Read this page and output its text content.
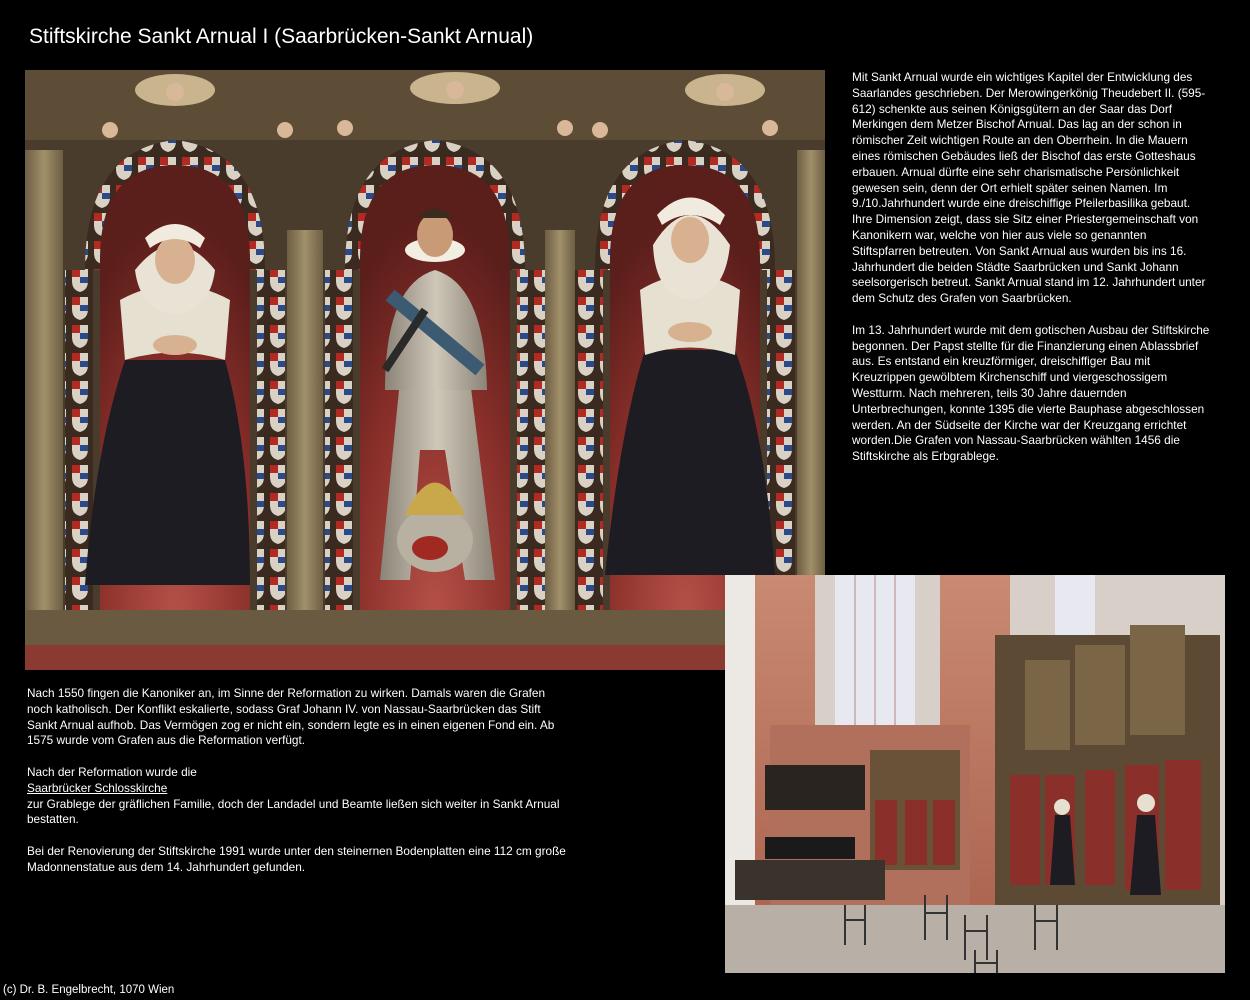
Stiftskirche Sankt Arnual I (Saarbrücken-Sankt Arnual)

Mit Sankt Arnual wurde ein wichtiges Kapitel der Entwicklung des Saarlandes geschrieben. Der Merowingerkönig Theudebert II. (595-612) schenkte aus seinen Königsgütern an der Saar das Dorf Merkingen dem Metzer Bischof Arnual. Das lag an der schon in römischer Zeit wichtigen Route an den Oberrhein. In die Mauern eines römischen Gebäudes ließ der Bischof das erste Gotteshaus erbauen. Arnual dürfte eine sehr charismatische Persönlichkeit gewesen sein, denn der Ort erhielt später seinen Namen. Im 9./10.Jahrhundert wurde eine dreischiffige Pfeilerbasilika gebaut. Ihre Dimension zeigt, dass sie Sitz einer Priestergemeinschaft von Kanonikern war, welche von hier aus viele so genannten Stiftspfarren betreuten. Von Sankt Arnual aus wurden bis ins 16. Jahrhundert die beiden Städte Saarbrücken und Sankt Johann seelsorgerisch betreut. Sankt Arnual stand im 12. Jahrhundert unter dem Schutz des Grafen von Saarbrücken.

Im 13. Jahrhundert wurde mit dem gotischen Ausbau der Stiftskirche begonnen. Der Papst stellte für die Finanzierung einen Ablassbrief aus. Es entstand ein kreuzförmiger, dreischiffiger Bau mit Kreuzrippen gewölbtem Kirchenschiff und viergeschossigem Westturm. Nach mehreren, teils 30 Jahre dauernden Unterbrechungen, konnte 1395 die vierte Bauphase abgeschlossen werden. An der Südseite der Kirche war der Kreuzgang errichtet worden.Die Grafen von Nassau-Saarbrücken wählten 1456 die Stiftskirche als Erbgrablege.

Nach 1550 fingen die Kanoniker an, im Sinne der Reformation zu wirken. Damals waren die Grafen noch katholisch. Der Konflikt eskalierte, sodass Graf Johann IV. von Nassau-Saarbrücken das Stift Sankt Arnual aufhob. Das Vermögen zog er nicht ein, sondern legte es in einen eigenen Fond ein. Ab 1575 wurde vom Grafen aus die Reformation verfügt.

Nach der Reformation wurde die
Saarbrücker Schlosskirche
zur Grablege der gräflichen Familie, doch der Landadel und Beamte ließen sich weiter in Sankt Arnual bestatten.

Bei der Renovierung der Stiftskirche 1991 wurde unter den steinernen Bodenplatten eine 112 cm große Madonnenstatue aus dem 14. Jahrhundert gefunden.

(c) Dr. B. Engelbrecht, 1070 Wien
